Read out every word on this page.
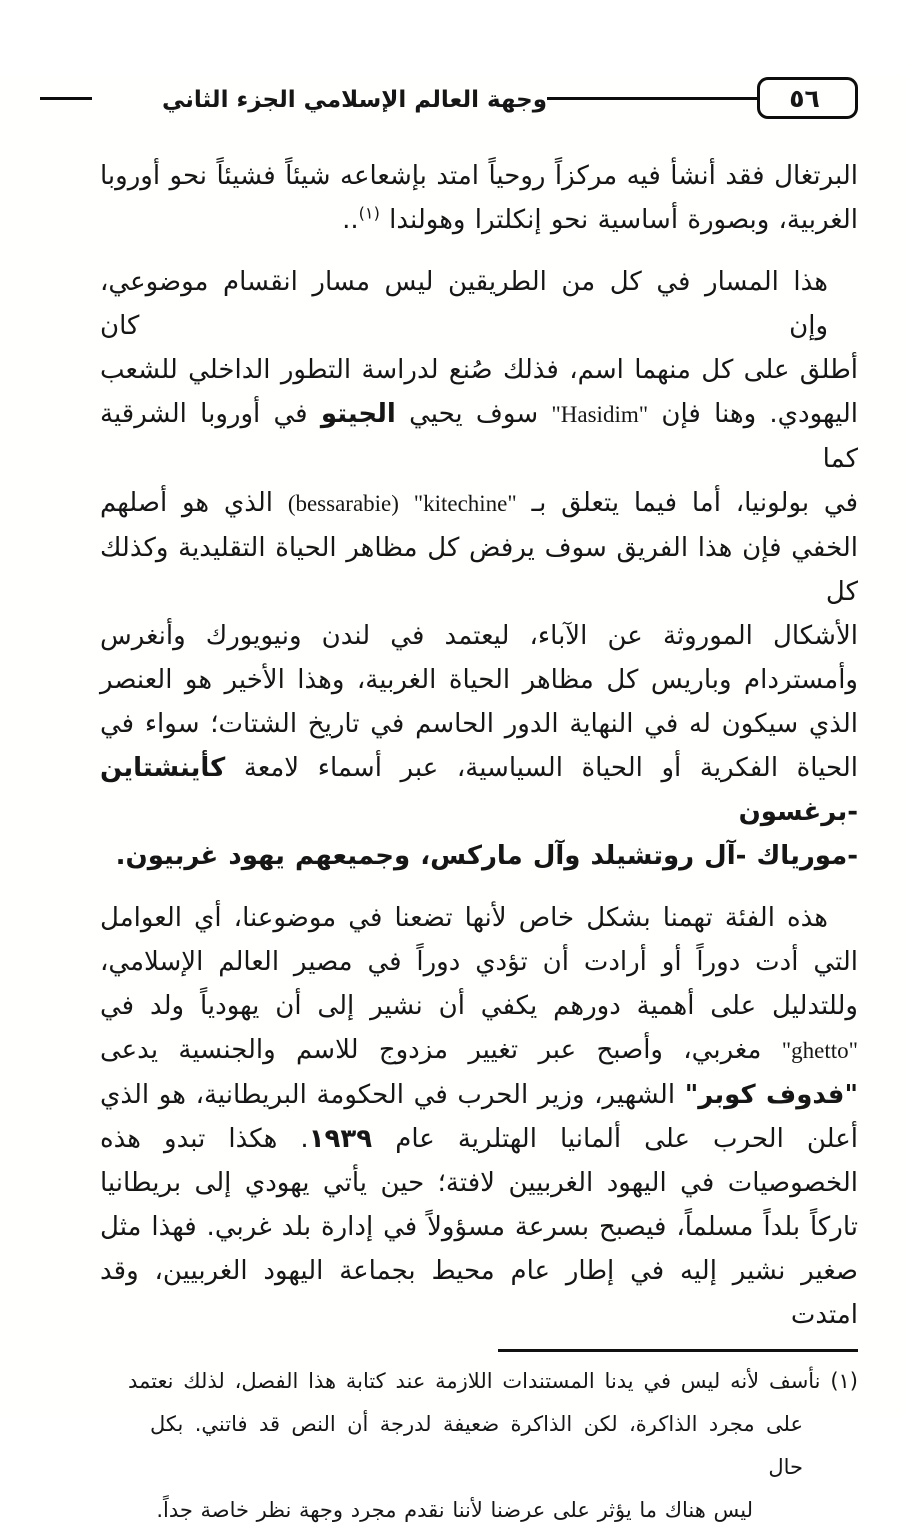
٥٦
وجهة العالم الإسلامي الجزء الثاني
البرتغال فقد أنشأ فيه مركزاً روحياً امتد بإشعاعه شيئاً فشيئاً نحو أوروبا
الغربية، وبصورة أساسية نحو إنكلترا وهولندا $^{(١)}$..
هذا المسار في كل من الطريقين ليس مسار انقسام موضوعي، وإن كان
أطلق على كل منهما اسم، فذلك صُنع لدراسة التطور الداخلي للشعب
اليهودي. وهنا فإن "Hasidim" سوف يحيي الجيتو في أوروبا الشرقية كما
في بولونيا، أما فيما يتعلق بـ "kitechine" (bessarabie) الذي هو أصلهم
الخفي فإن هذا الفريق سوف يرفض كل مظاهر الحياة التقليدية وكذلك كل
الأشكال الموروثة عن الآباء، ليعتمد في لندن ونيويورك وأنغرس
وأمستردام وباريس كل مظاهر الحياة الغربية، وهذا الأخير هو العنصر
الذي سيكون له في النهاية الدور الحاسم في تاريخ الشتات؛ سواء في
الحياة الفكرية أو الحياة السياسية، عبر أسماء لامعة كأينشتاين -برغسون
-مورياك -آل روتشيلد وآل ماركس، وجميعهم يهود غربيون.
هذه الفئة تهمنا بشكل خاص لأنها تضعنا في موضوعنا، أي العوامل
التي أدت دوراً أو أرادت أن تؤدي دوراً في مصير العالم الإسلامي،
وللتدليل على أهمية دورهم يكفي أن نشير إلى أن يهودياً ولد في
"ghetto" مغربي، وأصبح عبر تغيير مزدوج للاسم والجنسية يدعى
"فدوف كوبر" الشهير، وزير الحرب في الحكومة البريطانية، هو الذي
أعلن الحرب على ألمانيا الهتلرية عام ١٩٣٩. هكذا تبدو هذه
الخصوصيات في اليهود الغربيين لافتة؛ حين يأتي يهودي إلى بريطانيا
تاركاً بلداً مسلماً، فيصبح بسرعة مسؤولاً في إدارة بلد غربي. فهذا مثل
صغير نشير إليه في إطار عام محيط بجماعة اليهود الغربيين، وقد امتدت
(١) نأسف لأنه ليس في يدنا المستندات اللازمة عند كتابة هذا الفصل، لذلك نعتمد
على مجرد الذاكرة، لكن الذاكرة ضعيفة لدرجة أن النص قد فاتني. بكل حال
ليس هناك ما يؤثر على عرضنا لأننا نقدم مجرد وجهة نظر خاصة جداً.
